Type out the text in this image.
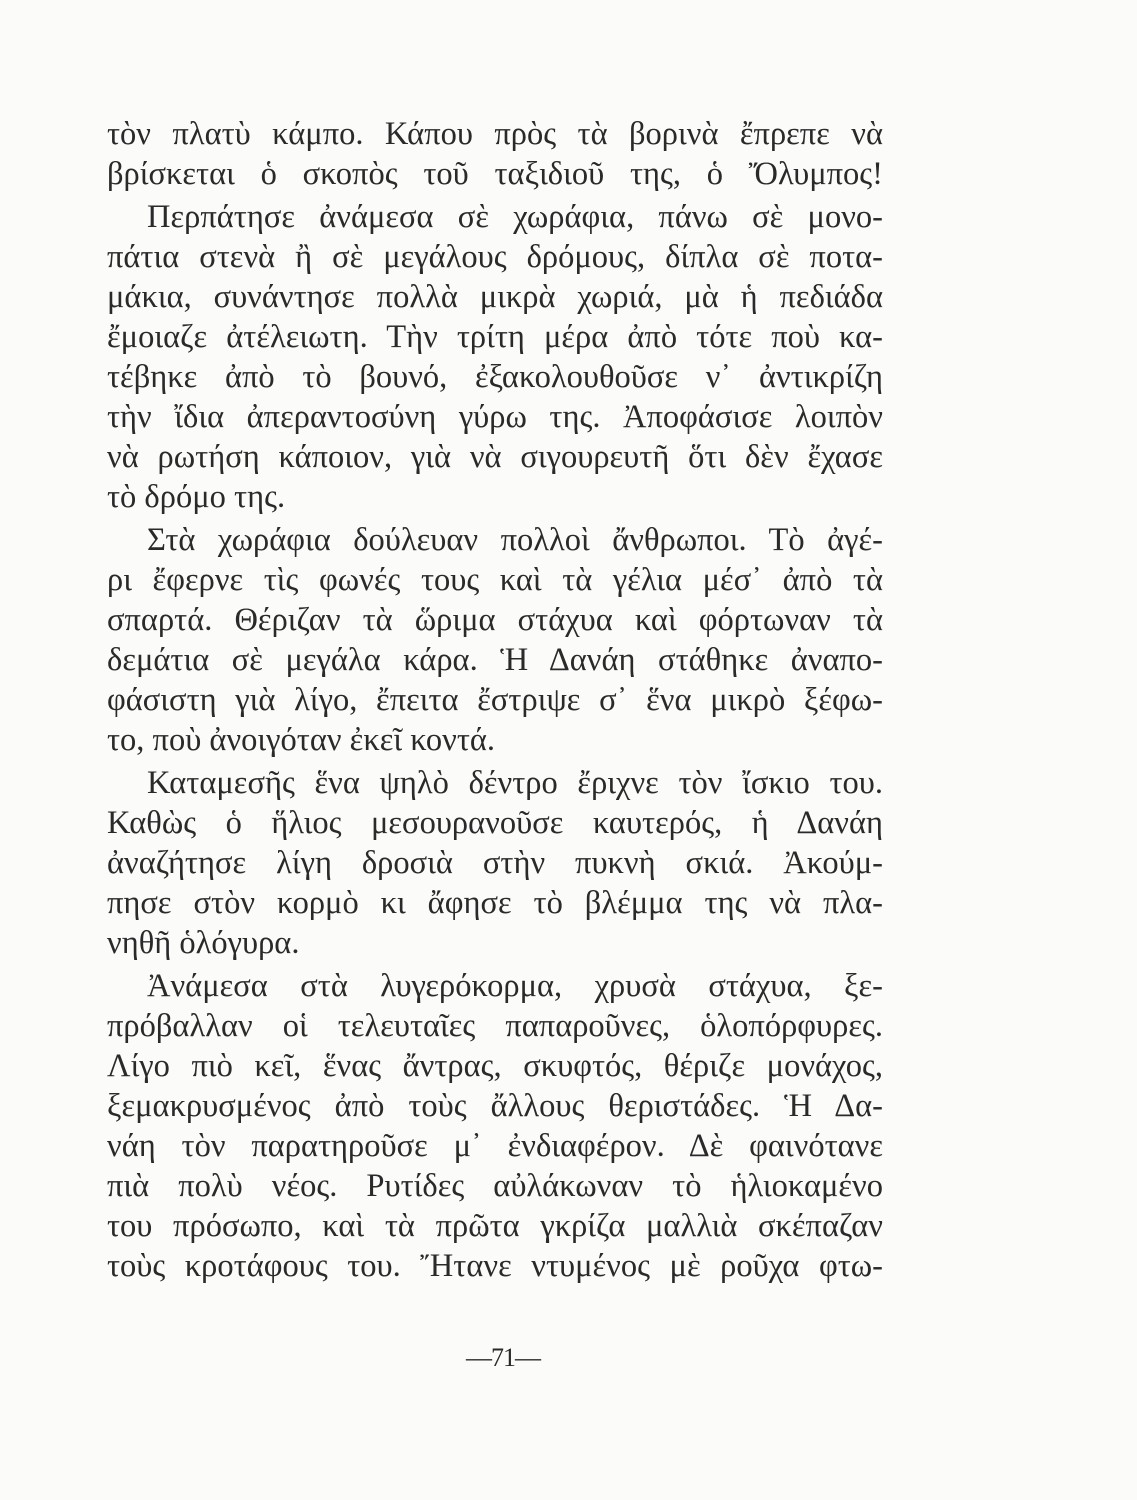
τὸν πλατὺ κάμπο. Κάπου πρὸς τὰ βορινὰ ἔπρεπε νὰ
βρίσκεται ὁ σκοπὸς τοῦ ταξιδιοῦ της, ὁ Ὄλυμπος!
Περπάτησε ἀνάμεσα σὲ χωράφια, πάνω σὲ μονο-
πάτια στενὰ ἢ σὲ μεγάλους δρόμους, δίπλα σὲ ποτα-
μάκια, συνάντησε πολλὰ μικρὰ χωριά, μὰ ἡ πεδιάδα
ἔμοιαζε ἀτέλειωτη. Τὴν τρίτη μέρα ἀπὸ τότε ποὺ κα-
τέβηκε ἀπὸ τὸ βουνό, ἐξακολουθοῦσε ν᾽ ἀντικρίζη
τὴν ἴδια ἀπεραντοσύνη γύρω της. Ἀποφάσισε λοιπὸν
νὰ ρωτήση κάποιον, γιὰ νὰ σιγουρευτῆ ὅτι δὲν ἔχασε
τὸ δρόμο της.
Στὰ χωράφια δούλευαν πολλοὶ ἄνθρωποι. Τὸ ἀγέ-
ρι ἔφερνε τὶς φωνές τους καὶ τὰ γέλια μέσ᾽ ἀπὸ τὰ
σπαρτά. Θέριζαν τὰ ὥριμα στάχυα καὶ φόρτωναν τὰ
δεμάτια σὲ μεγάλα κάρα. Ἡ Δανάη στάθηκε ἀναπο-
φάσιστη γιὰ λίγο, ἔπειτα ἔστριψε σ᾽ ἕνα μικρὸ ξέφω-
το, ποὺ ἀνοιγόταν ἐκεῖ κοντά.
Καταμεσῆς ἕνα ψηλὸ δέντρο ἔριχνε τὸν ἴσκιο του.
Καθὼς ὁ ἥλιος μεσουρανοῦσε καυτερός, ἡ Δανάη
ἀναζήτησε λίγη δροσιὰ στὴν πυκνὴ σκιά. Ἀκούμ-
πησε στὸν κορμὸ κι ἄφησε τὸ βλέμμα της νὰ πλα-
νηθῆ ὁλόγυρα.
Ἀνάμεσα στὰ λυγερόκορμα, χρυσὰ στάχυα, ξε-
πρόβαλλαν οἱ τελευταῖες παπαροῦνες, ὁλοπόρφυρες.
Λίγο πιὸ κεῖ, ἕνας ἄντρας, σκυφτός, θέριζε μονάχος,
ξεμακρυσμένος ἀπὸ τοὺς ἄλλους θεριστάδες. Ἡ Δα-
νάη τὸν παρατηροῦσε μ᾽ ἐνδιαφέρον. Δὲ φαινότανε
πιὰ πολὺ νέος. Ρυτίδες αὐλάκωναν τὸ ἡλιοκαμένο
του πρόσωπο, καὶ τὰ πρῶτα γκρίζα μαλλιὰ σκέπαζαν
τοὺς κροτάφους του. Ἤτανε ντυμένος μὲ ροῦχα φτω-
—71—
